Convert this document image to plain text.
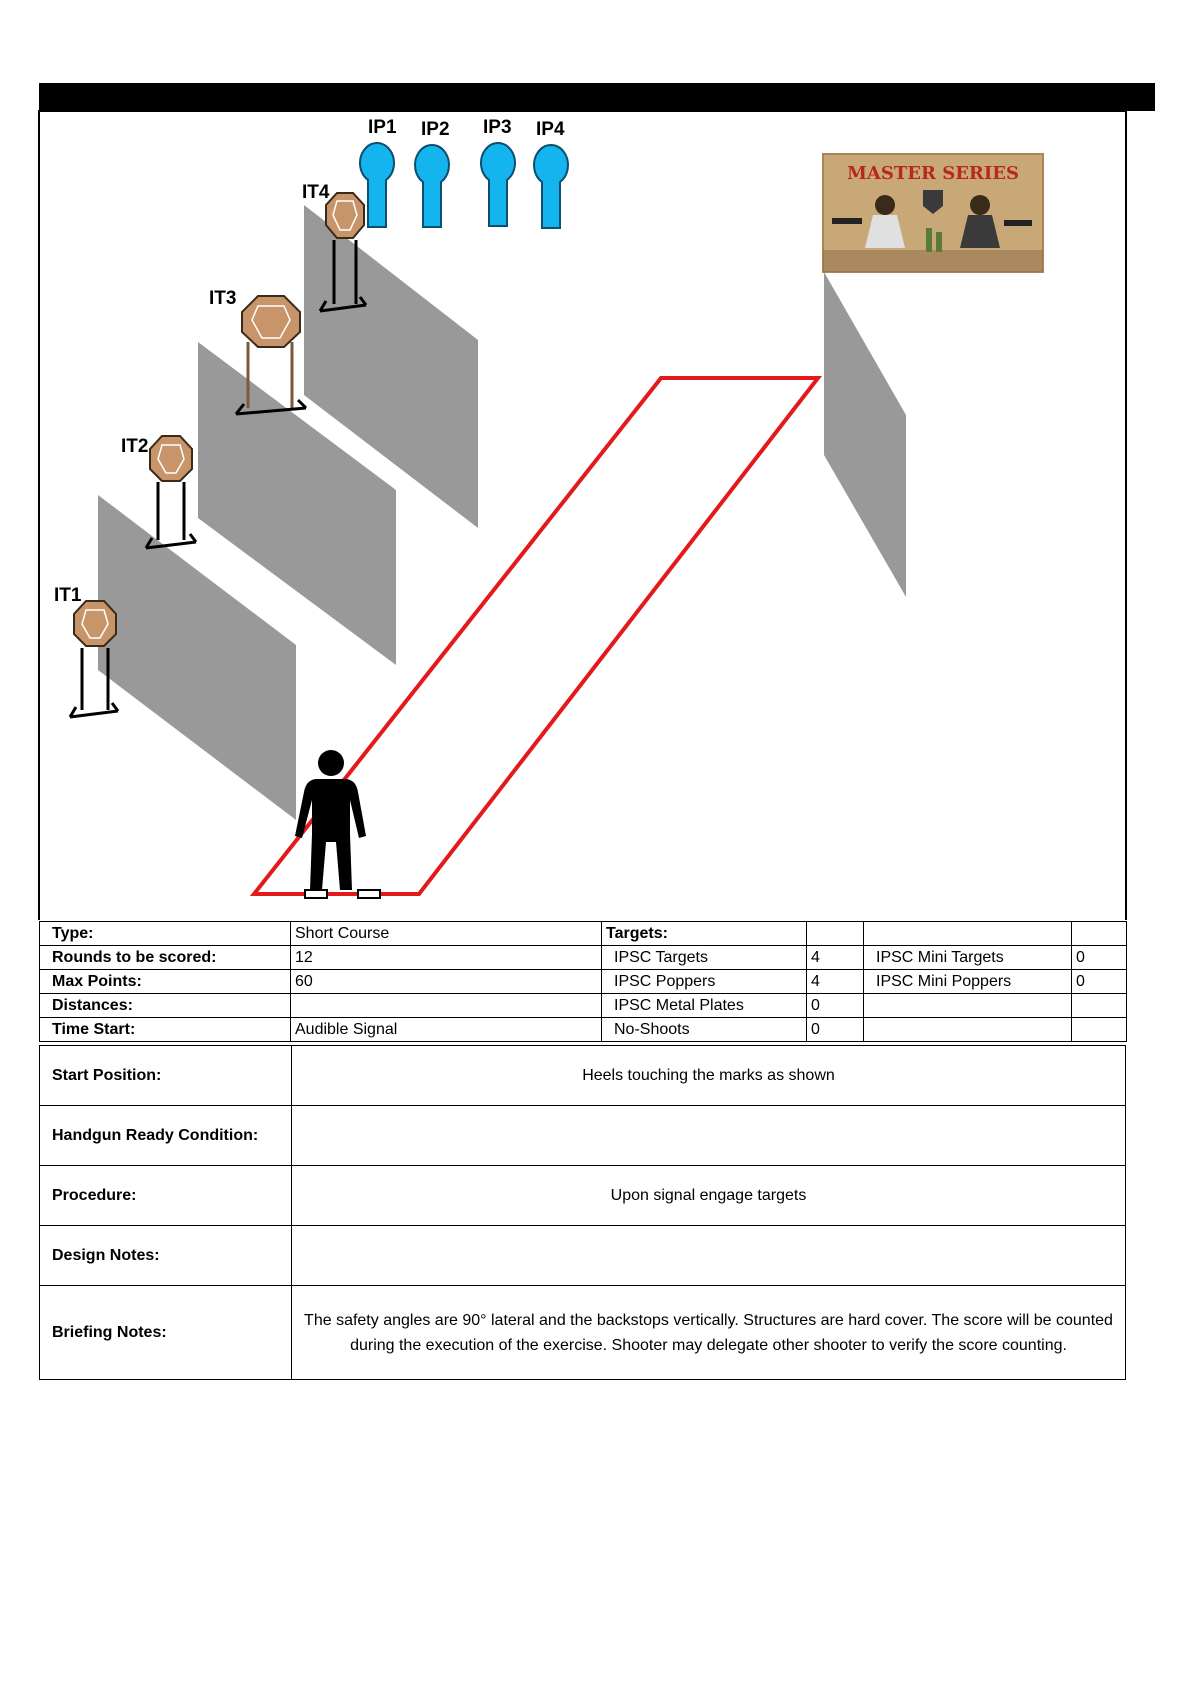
IT1
IT2
IT3
IT4
IP1 IP2 IP3 IP4
MASTER SERIES
Type:	Short Course	Targets:			
Rounds to be scored:	12	IPSC Targets	4	IPSC Mini Targets	0
Max Points:	60	IPSC Poppers	4	IPSC Mini Poppers	0
Distances:		IPSC Metal Plates	0		
Time Start:	Audible Signal	No-Shoots	0		
Start Position:	Heels touching the marks as shown
Handgun Ready Condition:	
Procedure:	Upon signal engage targets
Design Notes:	
Briefing Notes:	The safety angles are 90° lateral and the backstops vertically. Structures are hard cover. The score will be counted during the execution of the exercise. Shooter may delegate other shooter to verify the score counting.
